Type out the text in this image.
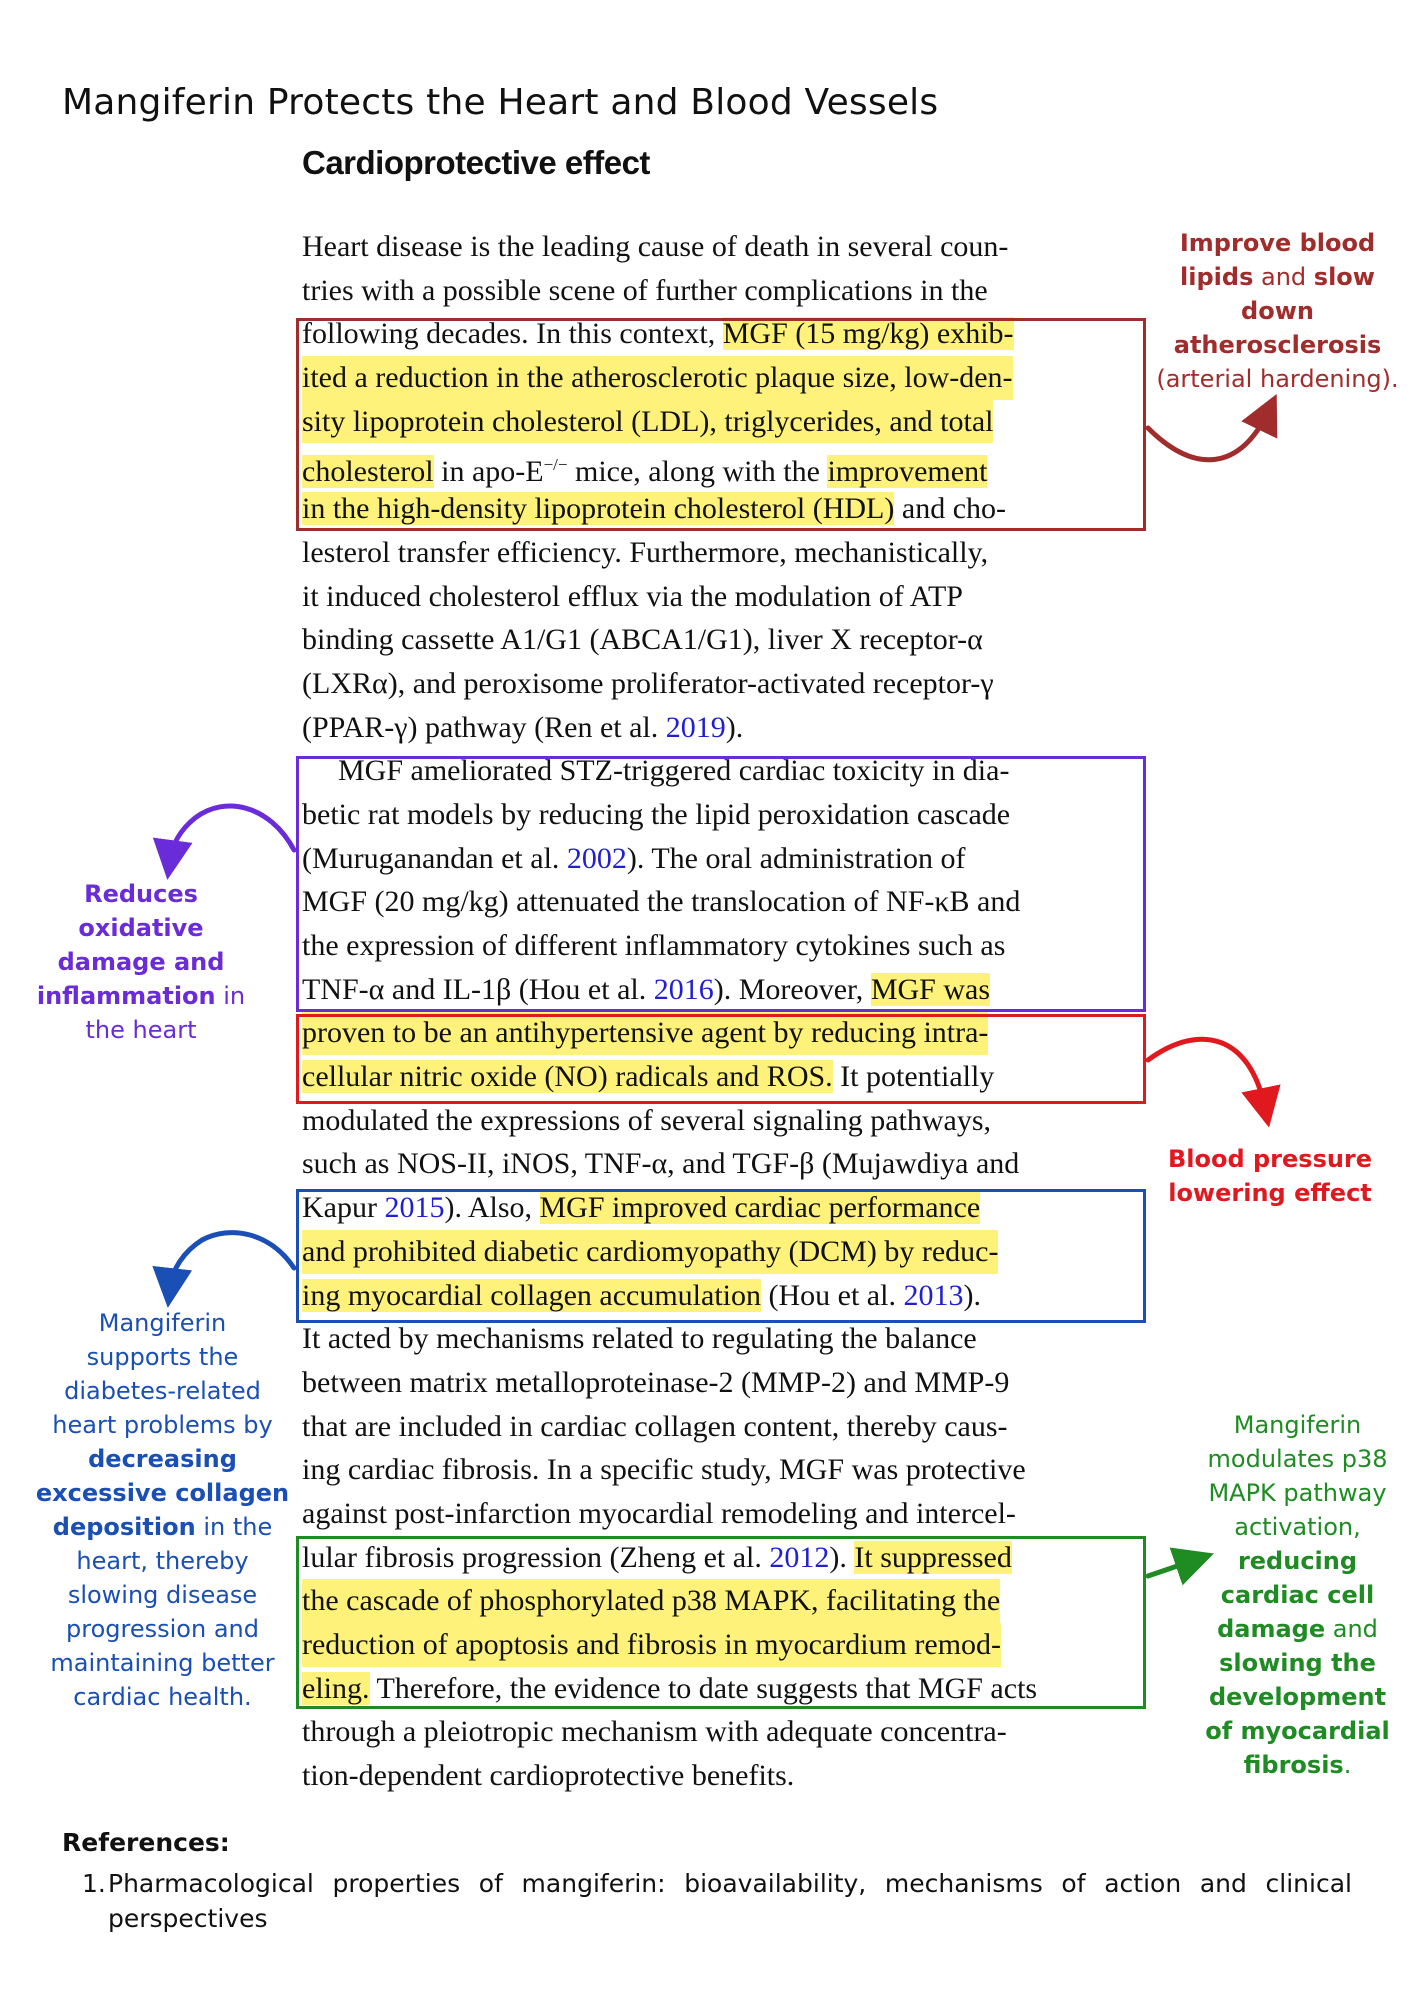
Mangiferin Protects the Heart and Blood Vessels
Cardioprotective effect
Heart disease is the leading cause of death in several coun-
tries with a possible scene of further complications in the
following decades. In this context, MGF (15 mg/kg) exhib-
ited a reduction in the atherosclerotic plaque size, low-den-
sity lipoprotein cholesterol (LDL), triglycerides, and total
cholesterol in apo-E−/− mice, along with the improvement
in the high-density lipoprotein cholesterol (HDL) and cho-
lesterol transfer efficiency. Furthermore, mechanistically,
it induced cholesterol efflux via the modulation of ATP
binding cassette A1/G1 (ABCA1/G1), liver X receptor-α
(LXRα), and peroxisome proliferator-activated receptor-γ
(PPAR-γ) pathway (Ren et al. 2019).
MGF ameliorated STZ-triggered cardiac toxicity in dia-
betic rat models by reducing the lipid peroxidation cascade
(Muruganandan et al. 2002). The oral administration of
MGF (20 mg/kg) attenuated the translocation of NF-κB and
the expression of different inflammatory cytokines such as
TNF-α and IL-1β (Hou et al. 2016). Moreover, MGF was
proven to be an antihypertensive agent by reducing intra-
cellular nitric oxide (NO) radicals and ROS. It potentially
modulated the expressions of several signaling pathways,
such as NOS-II, iNOS, TNF-α, and TGF-β (Mujawdiya and
Kapur 2015). Also, MGF improved cardiac performance
and prohibited diabetic cardiomyopathy (DCM) by reduc-
ing myocardial collagen accumulation (Hou et al. 2013).
It acted by mechanisms related to regulating the balance
between matrix metalloproteinase-2 (MMP-2) and MMP-9
that are included in cardiac collagen content, thereby caus-
ing cardiac fibrosis. In a specific study, MGF was protective
against post-infarction myocardial remodeling and intercel-
lular fibrosis progression (Zheng et al. 2012). It suppressed
the cascade of phosphorylated p38 MAPK, facilitating the
reduction of apoptosis and fibrosis in myocardium remod-
eling. Therefore, the evidence to date suggests that MGF acts
through a pleiotropic mechanism with adequate concentra-
tion-dependent cardioprotective benefits.
Improve blood
lipids and slow
down
atherosclerosis
(arterial hardening).
Reduces oxidative
damage and
inflammation in
the heart
Blood pressure
lowering effect
Mangiferin
supports the
diabetes-related
heart problems by
decreasing
excessive collagen
deposition in the
heart, thereby
slowing disease
progression and
maintaining better
cardiac health.
Mangiferin
modulates p38
MAPK pathway
activation,
reducing
cardiac cell
damage and
slowing the
development
of myocardial
fibrosis.
References:
1. Pharmacological properties of mangiferin: bioavailability, mechanisms of action and clinical perspectives
